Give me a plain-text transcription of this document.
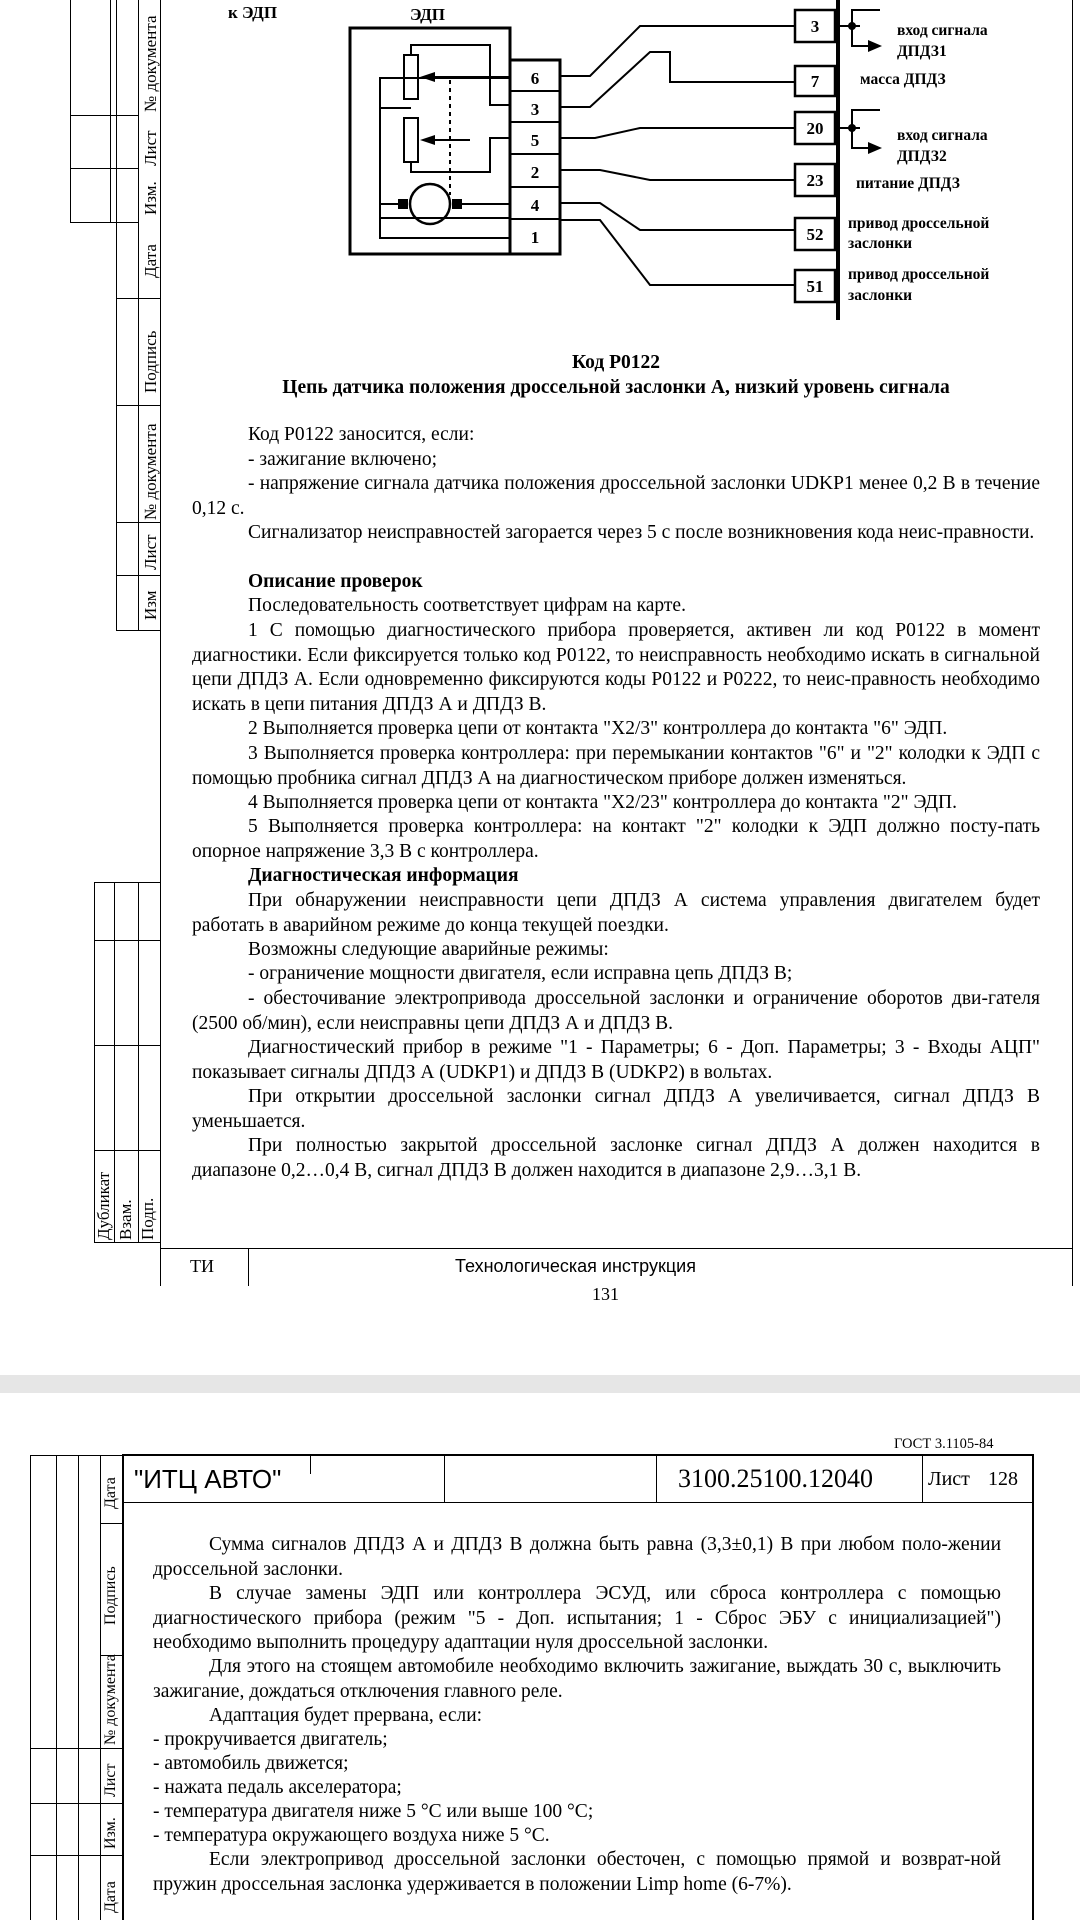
№ документа
Лист
Изм.
Дата
Подпись
№ документа
Лист
Изм
Дубликат Взам. Подп.
6
3
5
2
4
1
к ЭДП	ЭДП
3
7
20
23
52
51
вход сигнала
ДПДЗ1
масса ДПДЗ
вход сигнала
ДПДЗ2
питание ДПДЗ
привод дроссельной
заслонки
привод дроссельной
заслонки
Код P0122
Цепь датчика положения дроссельной заслонки А, низкий уровень сигнала
Код P0122 заносится, если:
- зажигание включено;
- напряжение сигнала датчика положения дроссельной заслонки UDKP1 менее 0,2 В в течение 0,12 с.
Сигнализатор неисправностей загорается через 5 с после возникновения кода неис-правности.
Описание проверок
Последовательность соответствует цифрам на карте.
1 С помощью диагностического прибора проверяется, активен ли код P0122 в момент диагностики. Если фиксируется только код P0122, то неисправность необходимо искать в сигнальной цепи ДПДЗ А. Если одновременно фиксируются коды P0122 и P0222, то неис-правность необходимо искать в цепи питания ДПДЗ А и ДПДЗ В.
2 Выполняется проверка цепи от контакта "X2/3" контроллера до контакта "6" ЭДП.
3 Выполняется проверка контроллера: при перемыкании контактов "6" и "2" колодки к ЭДП с помощью пробника сигнал ДПДЗ А на диагностическом приборе должен изменяться.
4 Выполняется проверка цепи от контакта "X2/23" контроллера до контакта "2" ЭДП.
5 Выполняется проверка контроллера: на контакт "2" колодки к ЭДП должно посту-пать опорное напряжение 3,3 В с контроллера.
Диагностическая информация
При обнаружении неисправности цепи ДПДЗ А система управления двигателем будет работать в аварийном режиме до конца текущей поездки.
Возможны следующие аварийные режимы:
- ограничение мощности двигателя, если исправна цепь ДПДЗ В;
- обесточивание электропривода дроссельной заслонки и ограничение оборотов дви-гателя (2500 об/мин), если неисправны цепи ДПДЗ А и ДПДЗ В.
Диагностический прибор в режиме "1 - Параметры; 6 - Доп. Параметры; 3 - Входы АЦП" показывает сигналы ДПДЗ А (UDKP1) и ДПДЗ В (UDKP2) в вольтах.
При открытии дроссельной заслонки сигнал ДПДЗ А увеличивается, сигнал ДПДЗ В уменьшается.
При полностью закрытой дроссельной заслонке сигнал ДПДЗ А должен находится в диапазоне 0,2…0,4 В, сигнал ДПДЗ В должен находится в диапазоне 2,9…3,1 В.
ТИ	Технологическая инструкция
131
ГОСТ 3.1105-84
"ИТЦ АВТО"	3100.25100.12040	Лист 128
Дата
Подпись
№ документа
Лист
Изм.
Дата
Сумма сигналов ДПДЗ А и ДПДЗ В должна быть равна (3,3±0,1) В при любом поло-жении дроссельной заслонки.
В случае замены ЭДП или контроллера ЭСУД, или сброса контроллера с помощью диагностического прибора (режим "5 - Доп. испытания; 1 - Сброс ЭБУ с инициализацией") необходимо выполнить процедуру адаптации нуля дроссельной заслонки.
Для этого на стоящем автомобиле необходимо включить зажигание, выждать 30 с, выключить зажигание, дождаться отключения главного реле.
Адаптация будет прервана, если:
- прокручивается двигатель;
- автомобиль движется;
- нажата педаль акселератора;
- температура двигателя ниже 5 °С или выше 100 °С;
- температура окружающего воздуха ниже 5 °С.
Если электропривод дроссельной заслонки обесточен, с помощью прямой и возврат-ной пружин дроссельная заслонка удерживается в положении Limp home (6-7%).
